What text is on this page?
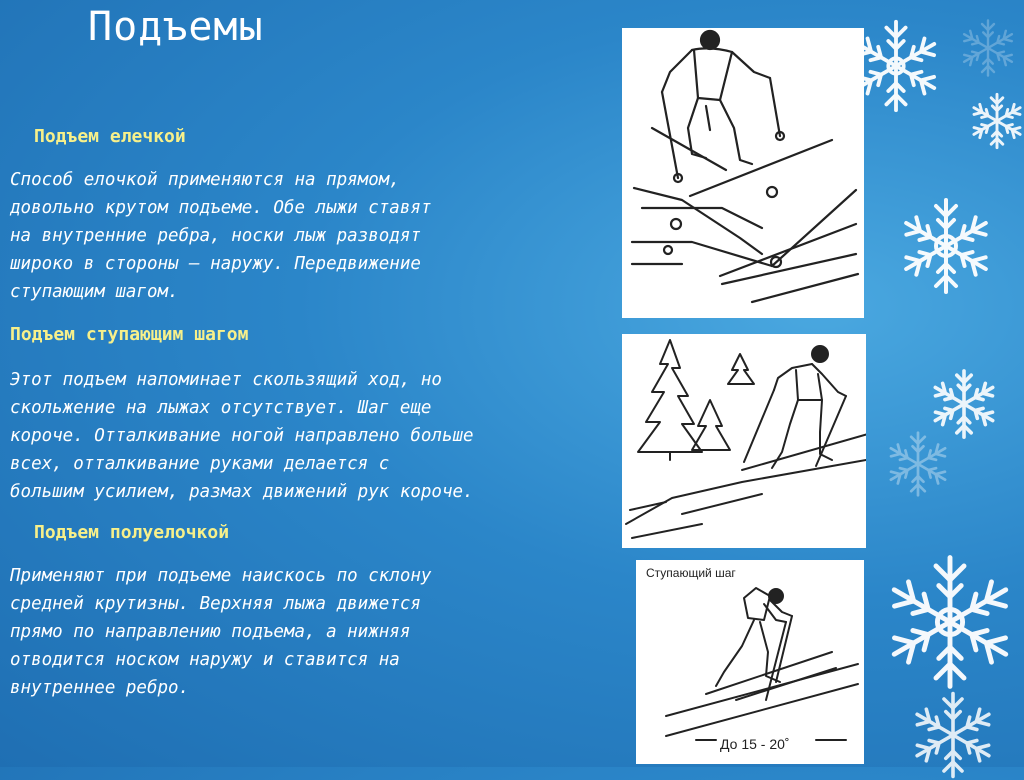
Подъемы
Подъем елечкой

Способ елочкой применяются на прямом,
довольно крутом подъеме. Обе лыжи ставят
на внутренние ребра, носки лыж разводят
широко в стороны – наружу. Передвижение
ступающим шагом.

Подъем ступающим шагом

Этот подъем напоминает скользящий ход, но
скольжение на лыжах отсутствует. Шаг еще
короче. Отталкивание ногой направлено больше
всех, отталкивание руками делается с
большим усилием, размах движений рук короче.

Подъем полуелочкой

Применяют при подъеме наискось по склону
средней крутизны. Верхняя лыжа движется
прямо по направлению подъема, а нижняя
отводится носком наружу и ставится на
внутреннее ребро.

Ступающий шаг
До 15 - 20˚
